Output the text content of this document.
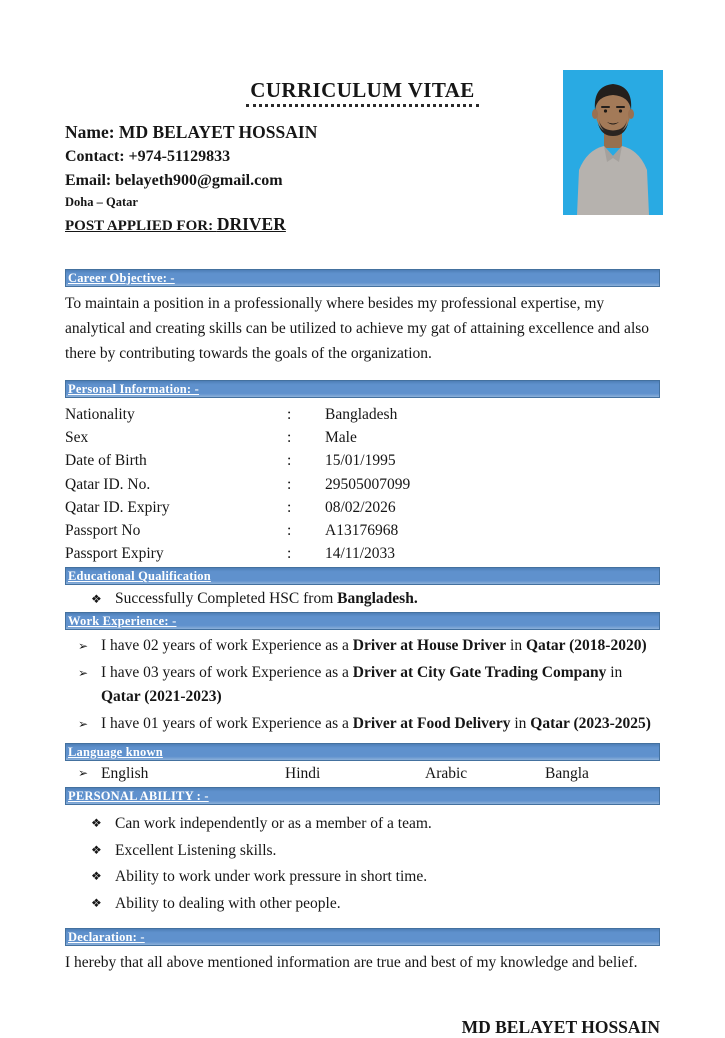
CURRICULUM VITAE
Name: MD BELAYET HOSSAIN
Contact: +974-51129833
Email: belayeth900@gmail.com
Doha – Qatar
POST APPLIED FOR: DRIVER
Career Objective: -
To maintain a position in a professionally where besides my professional expertise, my analytical and creating skills can be utilized to achieve my gat of attaining excellence and also there by contributing towards the goals of the organization.
Personal Information: -
Nationality	:	Bangladesh
Sex	:	Male
Date of Birth	:	15/01/1995
Qatar ID. No.	:	29505007099
Qatar ID. Expiry	:	08/02/2026
Passport No	:	A13176968
Passport Expiry	:	14/11/2033
Educational Qualification
❖ Successfully Completed HSC from Bangladesh.
Work Experience: -
➢ I have 02 years of work Experience as a Driver at House Driver in Qatar (2018-2020)
➢ I have 03 years of work Experience as a Driver at City Gate Trading Company in Qatar (2021-2023)
➢ I have 01 years of work Experience as a Driver at Food Delivery in Qatar (2023-2025)
Language known
➢ English	Hindi	Arabic	Bangla
PERSONAL ABILITY : -
❖ Can work independently or as a member of a team.
❖ Excellent Listening skills.
❖ Ability to work under work pressure in short time.
❖ Ability to dealing with other people.
Declaration: -
I hereby that all above mentioned information are true and best of my knowledge and belief.
MD BELAYET HOSSAIN
